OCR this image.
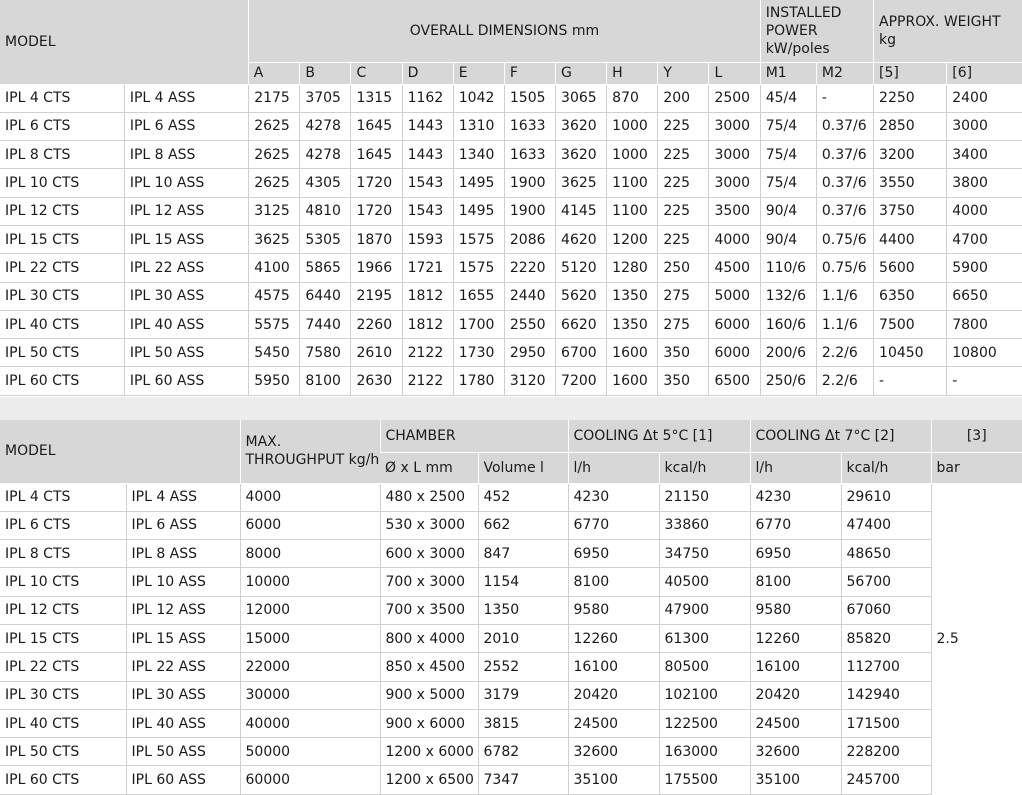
MODEL		OVERALL DIMENSIONS mm										INSTALLED POWER kW/poles		APPROX. WEIGHT kg	
		A	B	C	D	E	F	G	H	Y	L	M1	M2	[5]	[6]
IPL 4 CTS	IPL 4 ASS	2175	3705	1315	1162	1042	1505	3065	870	200	2500	45/4	-	2250	2400
IPL 6 CTS	IPL 6 ASS	2625	4278	1645	1443	1310	1633	3620	1000	225	3000	75/4	0.37/6	2850	3000
IPL 8 CTS	IPL 8 ASS	2625	4278	1645	1443	1340	1633	3620	1000	225	3000	75/4	0.37/6	3200	3400
IPL 10 CTS	IPL 10 ASS	2625	4305	1720	1543	1495	1900	3625	1100	225	3000	75/4	0.37/6	3550	3800
IPL 12 CTS	IPL 12 ASS	3125	4810	1720	1543	1495	1900	4145	1100	225	3500	90/4	0.37/6	3750	4000
IPL 15 CTS	IPL 15 ASS	3625	5305	1870	1593	1575	2086	4620	1200	225	4000	90/4	0.75/6	4400	4700
IPL 22 CTS	IPL 22 ASS	4100	5865	1966	1721	1575	2220	5120	1280	250	4500	110/6	0.75/6	5600	5900
IPL 30 CTS	IPL 30 ASS	4575	6440	2195	1812	1655	2440	5620	1350	275	5000	132/6	1.1/6	6350	6650
IPL 40 CTS	IPL 40 ASS	5575	7440	2260	1812	1700	2550	6620	1350	275	6000	160/6	1.1/6	7500	7800
IPL 50 CTS	IPL 50 ASS	5450	7580	2610	2122	1730	2950	6700	1600	350	6000	200/6	2.2/6	10450	10800
IPL 60 CTS	IPL 60 ASS	5950	8100	2630	2122	1780	3120	7200	1600	350	6500	250/6	2.2/6	-	-
MODEL		MAX. THROUGHPUT kg/h	CHAMBER		COOLING Δt 5°C [1]		COOLING Δt 7°C [2]		[3]
			Ø x L mm	Volume l	l/h	kcal/h	l/h	kcal/h	bar
IPL 4 CTS	IPL 4 ASS	4000	480 x 2500	452	4230	21150	4230	29610	2.5
IPL 6 CTS	IPL 6 ASS	6000	530 x 3000	662	6770	33860	6770	47400	
IPL 8 CTS	IPL 8 ASS	8000	600 x 3000	847	6950	34750	6950	48650	
IPL 10 CTS	IPL 10 ASS	10000	700 x 3000	1154	8100	40500	8100	56700	
IPL 12 CTS	IPL 12 ASS	12000	700 x 3500	1350	9580	47900	9580	67060	
IPL 15 CTS	IPL 15 ASS	15000	800 x 4000	2010	12260	61300	12260	85820	
IPL 22 CTS	IPL 22 ASS	22000	850 x 4500	2552	16100	80500	16100	112700	
IPL 30 CTS	IPL 30 ASS	30000	900 x 5000	3179	20420	102100	20420	142940	
IPL 40 CTS	IPL 40 ASS	40000	900 x 6000	3815	24500	122500	24500	171500	
IPL 50 CTS	IPL 50 ASS	50000	1200 x 6000	6782	32600	163000	32600	228200	
IPL 60 CTS	IPL 60 ASS	60000	1200 x 6500	7347	35100	175500	35100	245700	
